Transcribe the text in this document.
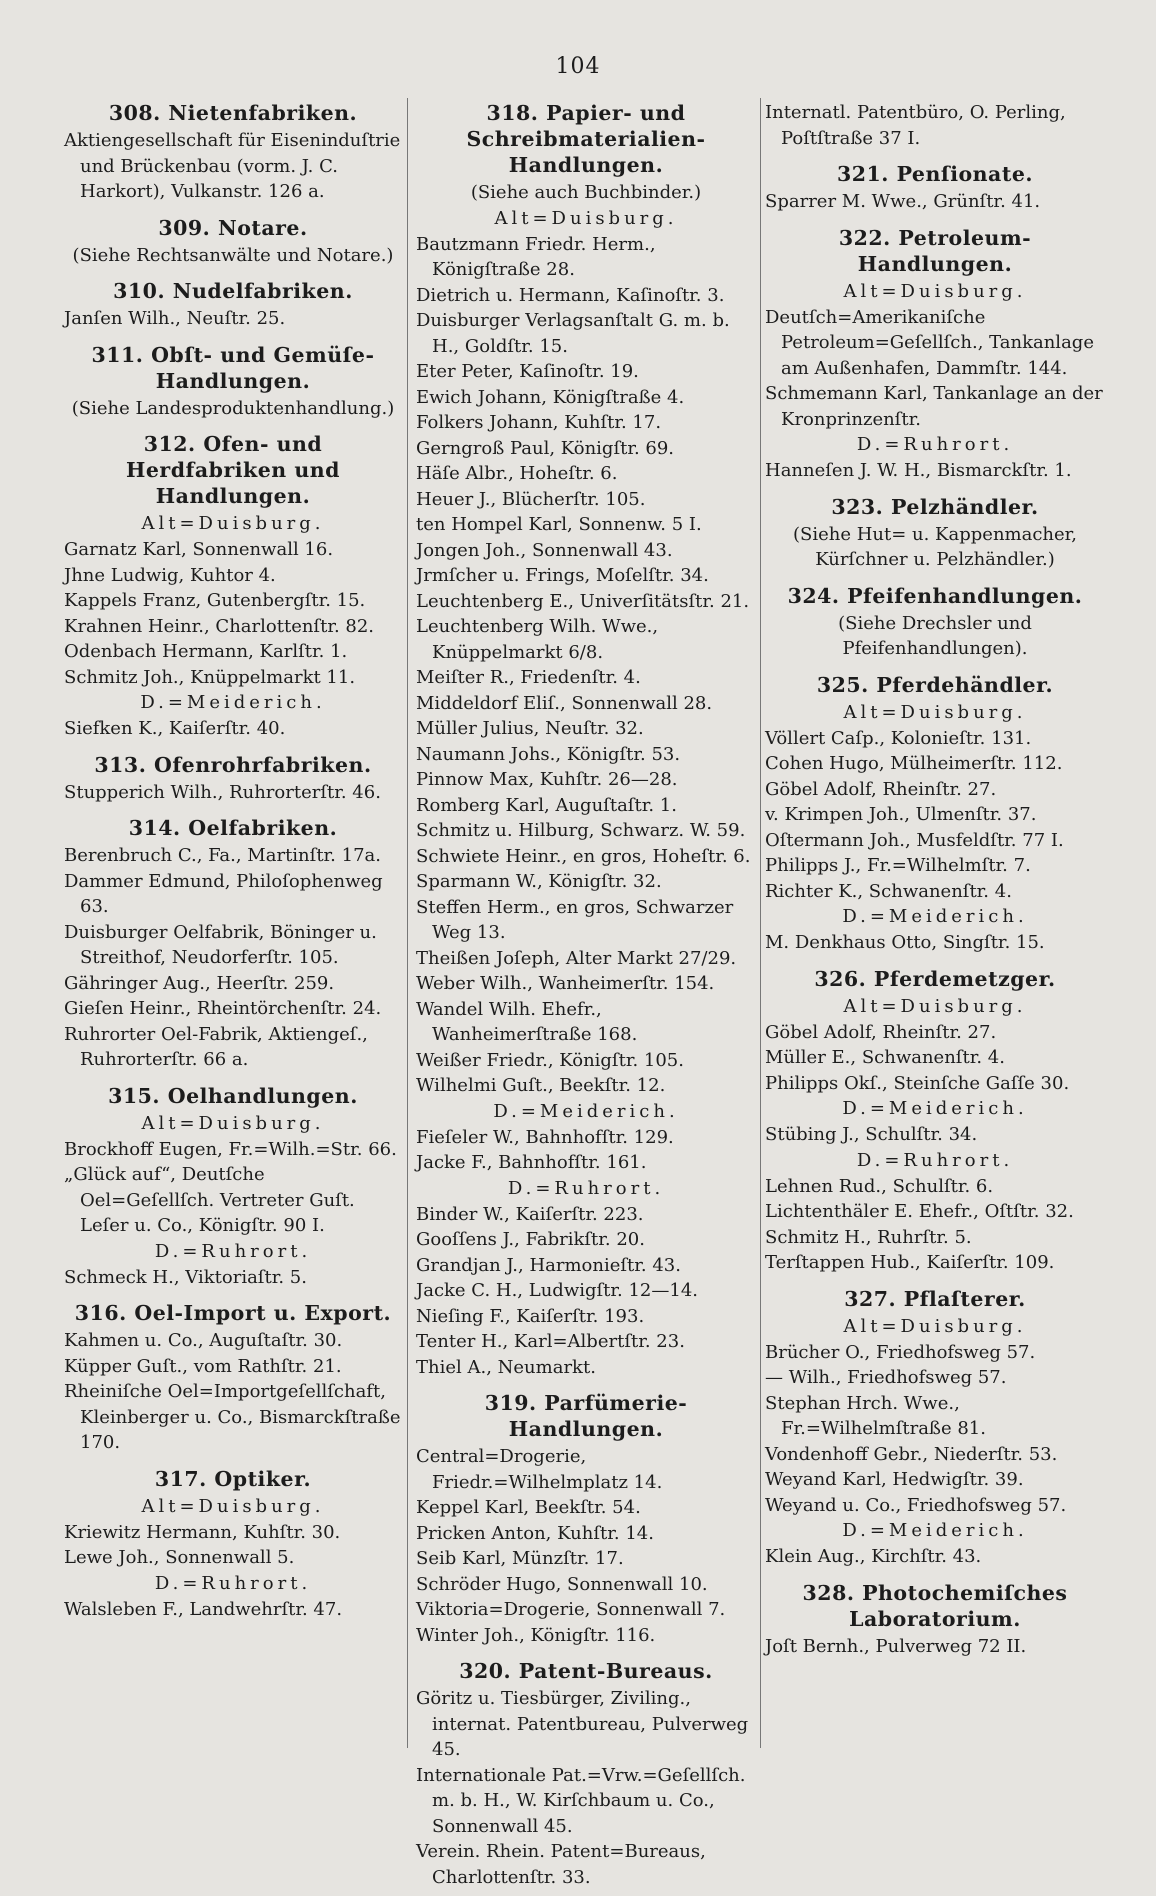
104
308. Nietenfabriken.
Aktiengesellschaft für Eiseninduſtrie und Brückenbau (vorm. J. C. Harkort), Vulkanstr. 126 a.
309. Notare.
(Siehe Rechtsanwälte und Notare.)
310. Nudelfabriken.
Janſen Wilh., Neuſtr. 25.
311. Obſt- und Gemüſe-Handlungen.
(Siehe Landesproduktenhandlung.)
312. Ofen- und Herdfabriken und Handlungen.
Alt=Duisburg.
Garnatz Karl, Sonnenwall 16.
Jhne Ludwig, Kuhtor 4.
Kappels Franz, Gutenbergſtr. 15.
Krahnen Heinr., Charlottenſtr. 82.
Odenbach Hermann, Karlſtr. 1.
Schmitz Joh., Knüppelmarkt 11.
D.=Meiderich.
Siefken K., Kaiſerſtr. 40.
313. Ofenrohrfabriken.
Stupperich Wilh., Ruhrorterſtr. 46.
314. Oelfabriken.
Berenbruch C., Fa., Martinſtr. 17a.
Dammer Edmund, Philoſophenweg 63.
Duisburger Oelfabrik, Böninger u. Streithof, Neudorferſtr. 105.
Gähringer Aug., Heerſtr. 259.
Gieſen Heinr., Rheintörchenſtr. 24.
Ruhrorter Oel-Fabrik, Aktiengeſ., Ruhrorterſtr. 66 a.
315. Oelhandlungen.
Alt=Duisburg.
Brockhoff Eugen, Fr.=Wilh.=Str. 66.
„Glück auf“, Deutſche Oel=Geſellſch. Vertreter Guſt. Leſer u. Co., Königſtr. 90 I.
D.=Ruhrort.
Schmeck H., Viktoriaſtr. 5.
316. Oel-Import u. Export.
Kahmen u. Co., Auguſtaſtr. 30.
Küpper Guſt., vom Rathſtr. 21.
Rheiniſche Oel=Importgeſellſchaft, Kleinberger u. Co., Bismarckſtraße 170.
317. Optiker.
Alt=Duisburg.
Kriewitz Hermann, Kuhſtr. 30.
Lewe Joh., Sonnenwall 5.
D.=Ruhrort.
Walsleben F., Landwehrſtr. 47.
318. Papier- und Schreibmaterialien-Handlungen.
(Siehe auch Buchbinder.)
Alt=Duisburg.
Bautzmann Friedr. Herm., Königſtraße 28.
Dietrich u. Hermann, Kaſinoſtr. 3.
Duisburger Verlagsanſtalt G. m. b. H., Goldſtr. 15.
Eter Peter, Kaſinoſtr. 19.
Ewich Johann, Königſtraße 4.
Folkers Johann, Kuhſtr. 17.
Gerngroß Paul, Königſtr. 69.
Häſe Albr., Hoheſtr. 6.
Heuer J., Blücherſtr. 105.
ten Hompel Karl, Sonnenw. 5 I.
Jongen Joh., Sonnenwall 43.
Jrmſcher u. Frings, Moſelſtr. 34.
Leuchtenberg E., Univerſitätsſtr. 21.
Leuchtenberg Wilh. Wwe., Knüppelmarkt 6/8.
Meiſter R., Friedenſtr. 4.
Middeldorf Eliſ., Sonnenwall 28.
Müller Julius, Neuſtr. 32.
Naumann Johs., Königſtr. 53.
Pinnow Max, Kuhſtr. 26—28.
Romberg Karl, Auguſtaſtr. 1.
Schmitz u. Hilburg, Schwarz. W. 59.
Schwiete Heinr., en gros, Hoheſtr. 6.
Sparmann W., Königſtr. 32.
Steffen Herm., en gros, Schwarzer Weg 13.
Theißen Joſeph, Alter Markt 27/29.
Weber Wilh., Wanheimerſtr. 154.
Wandel Wilh. Ehefr., Wanheimerſtraße 168.
Weißer Friedr., Königſtr. 105.
Wilhelmi Guſt., Beekſtr. 12.
D.=Meiderich.
Fieſeler W., Bahnhofſtr. 129.
Jacke F., Bahnhofſtr. 161.
D.=Ruhrort.
Binder W., Kaiſerſtr. 223.
Gooſſens J., Fabrikſtr. 20.
Grandjan J., Harmonieſtr. 43.
Jacke C. H., Ludwigſtr. 12—14.
Nieſing F., Kaiſerſtr. 193.
Tenter H., Karl=Albertſtr. 23.
Thiel A., Neumarkt.
319. Parfümerie-Handlungen.
Central=Drogerie, Friedr.=Wilhelmplatz 14.
Keppel Karl, Beekſtr. 54.
Pricken Anton, Kuhſtr. 14.
Seib Karl, Münzſtr. 17.
Schröder Hugo, Sonnenwall 10.
Viktoria=Drogerie, Sonnenwall 7.
Winter Joh., Königſtr. 116.
320. Patent-Bureaus.
Göritz u. Tiesbürger, Ziviling., internat. Patentbureau, Pulverweg 45.
Internationale Pat.=Vrw.=Geſellſch. m. b. H., W. Kirſchbaum u. Co., Sonnenwall 45.
Verein. Rhein. Patent=Bureaus, Charlottenſtr. 33.
Internatl. Patentbüro, O. Perling, Poſtſtraße 37 I.
321. Penſionate.
Sparrer M. Wwe., Grünſtr. 41.
322. Petroleum-Handlungen.
Alt=Duisburg.
Deutſch=Amerikaniſche Petroleum=Geſellſch., Tankanlage am Außenhafen, Dammſtr. 144.
Schmemann Karl, Tankanlage an der Kronprinzenſtr.
D.=Ruhrort.
Hanneſen J. W. H., Bismarckſtr. 1.
323. Pelzhändler.
(Siehe Hut= u. Kappenmacher, Kürſchner u. Pelzhändler.)
324. Pfeifenhandlungen.
(Siehe Drechsler und Pfeifenhandlungen).
325. Pferdehändler.
Alt=Duisburg.
Völlert Caſp., Kolonieſtr. 131.
Cohen Hugo, Mülheimerſtr. 112.
Göbel Adolf, Rheinſtr. 27.
v. Krimpen Joh., Ulmenſtr. 37.
Oſtermann Joh., Musfeldſtr. 77 I.
Philipps J., Fr.=Wilhelmſtr. 7.
Richter K., Schwanenſtr. 4.
D.=Meiderich.
M. Denkhaus Otto, Singſtr. 15.
326. Pferdemetzger.
Alt=Duisburg.
Göbel Adolf, Rheinſtr. 27.
Müller E., Schwanenſtr. 4.
Philipps Okſ., Steinſche Gaſſe 30.
D.=Meiderich.
Stübing J., Schulſtr. 34.
D.=Ruhrort.
Lehnen Rud., Schulſtr. 6.
Lichtenthäler E. Ehefr., Oſtſtr. 32.
Schmitz H., Ruhrſtr. 5.
Terſtappen Hub., Kaiſerſtr. 109.
327. Pflaſterer.
Alt=Duisburg.
Brücher O., Friedhofsweg 57.
— Wilh., Friedhofsweg 57.
Stephan Hrch. Wwe., Fr.=Wilhelmſtraße 81.
Vondenhoff Gebr., Niederſtr. 53.
Weyand Karl, Hedwigſtr. 39.
Weyand u. Co., Friedhofsweg 57.
D.=Meiderich.
Klein Aug., Kirchſtr. 43.
328. Photochemiſches Laboratorium.
Joſt Bernh., Pulverweg 72 II.
